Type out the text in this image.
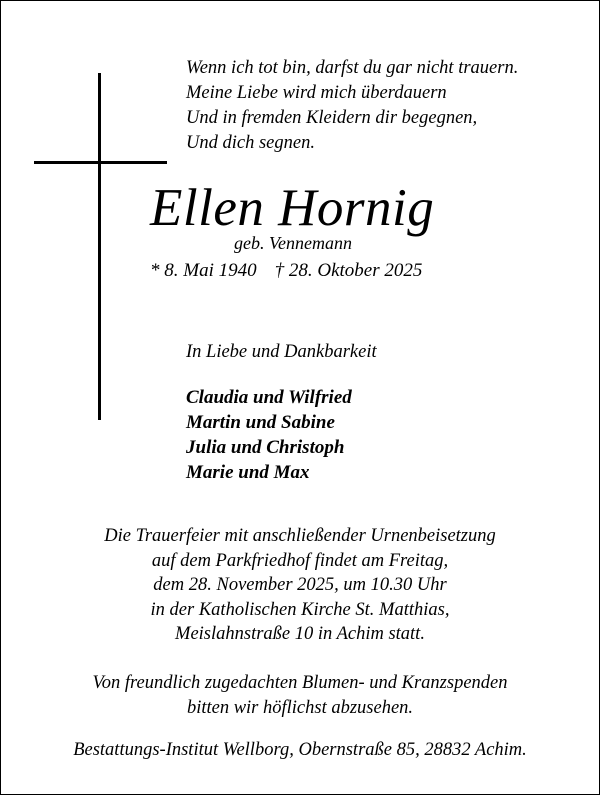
Wenn ich tot bin, darfst du gar nicht trauern.
Meine Liebe wird mich überdauern
Und in fremden Kleidern dir begegnen,
Und dich segnen.
Ellen Hornig
geb. Vennemann
* 8. Mai 1940 † 28. Oktober 2025
In Liebe und Dankbarkeit
Claudia und Wilfried
Martin und Sabine
Julia und Christoph
Marie und Max
Die Trauerfeier mit anschließender Urnenbeisetzung
auf dem Parkfriedhof findet am Freitag,
dem 28. November 2025, um 10.30 Uhr
in der Katholischen Kirche St. Matthias,
Meislahnstraße 10 in Achim statt.
Von freundlich zugedachten Blumen- und Kranzspenden
bitten wir höflichst abzusehen.
Bestattungs-Institut Wellborg, Obernstraße 85, 28832 Achim.
